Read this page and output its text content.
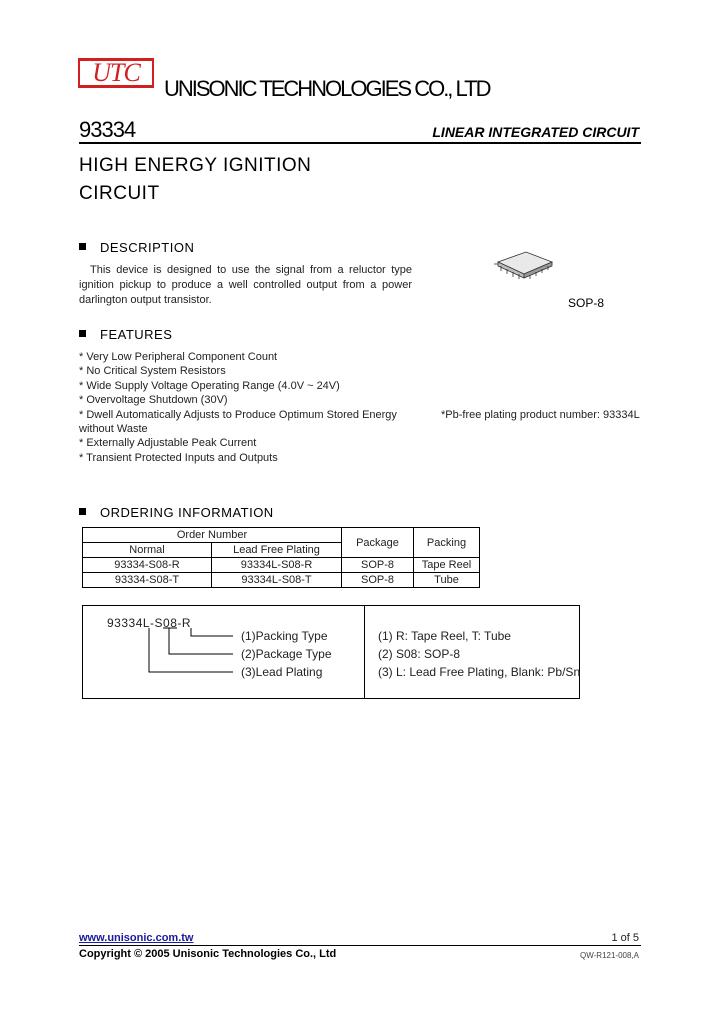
UTC
UNISONIC TECHNOLOGIES CO., LTD
93334	LINEAR INTEGRATED CIRCUIT
HIGH ENERGY IGNITION
CIRCUIT
DESCRIPTION
This device is designed to use the signal from a reluctor type ignition pickup to produce a well controlled output from a power darlington output transistor.	SOP-8
FEATURES
* Very Low Peripheral Component Count
* No Critical System Resistors
* Wide Supply Voltage Operating Range (4.0V ~ 24V)
* Overvoltage Shutdown (30V)
* Dwell Automatically Adjusts to Produce Optimum Stored Energy
without Waste
* Externally Adjustable Peak Current
* Transient Protected Inputs and Outputs
*Pb-free plating product number: 93334L
ORDERING INFORMATION
Order Number		Package	Packing
Normal	Lead Free Plating		
93334-S08-R	93334L-S08-R	SOP-8	Tape Reel
93334-S08-T	93334L-S08-T	SOP-8	Tube
93334L-S08-R
(1)Packing Type
(2)Package Type
(3)Lead Plating
(1) R: Tape Reel, T: Tube
(2) S08: SOP-8
(3) L: Lead Free Plating, Blank: Pb/Sn
www.unisonic.com.tw	1 of 5
Copyright © 2005 Unisonic Technologies Co., Ltd	QW-R121-008,A
